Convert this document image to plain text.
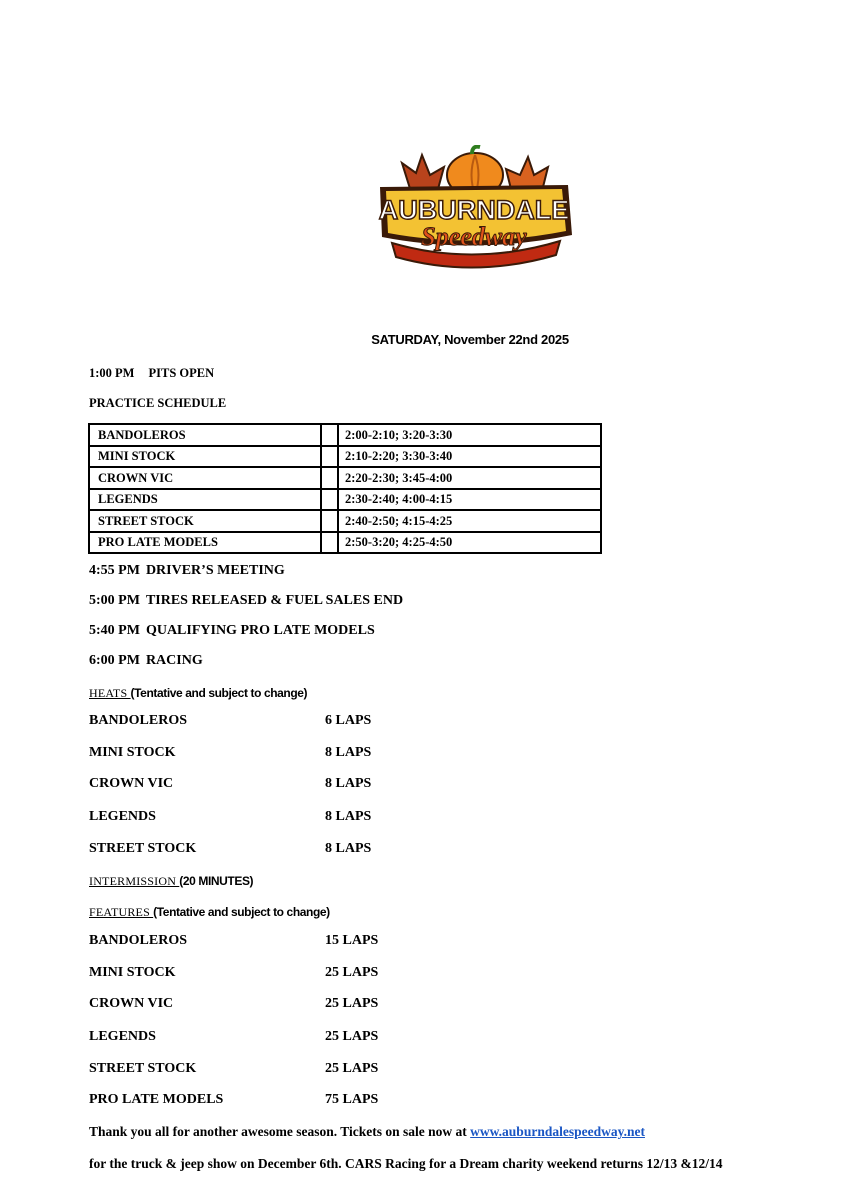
AUBURNDALE
Speedway
SATURDAY, November 22nd 2025
1:00 PM PITS OPEN
PRACTICE SCHEDULE
BANDOLEROS		2:00-2:10; 3:20-3:30
MINI STOCK		2:10-2:20; 3:30-3:40
CROWN VIC		2:20-2:30; 3:45-4:00
LEGENDS		2:30-2:40; 4:00-4:15
STREET STOCK		2:40-2:50; 4:15-4:25
PRO LATE MODELS		2:50-3:20; 4:25-4:50
4:55 PM DRIVER’S MEETING
5:00 PM TIRES RELEASED & FUEL SALES END
5:40 PM QUALIFYING PRO LATE MODELS
6:00 PM RACING
HEATS (Tentative and subject to change)
BANDOLEROS	6 LAPS
MINI STOCK	8 LAPS
CROWN VIC	8 LAPS
LEGENDS	8 LAPS
STREET STOCK	8 LAPS
INTERMISSION (20 MINUTES)
FEATURES (Tentative and subject to change)
BANDOLEROS	15 LAPS
MINI STOCK	25 LAPS
CROWN VIC	25 LAPS
LEGENDS	25 LAPS
STREET STOCK	25 LAPS
PRO LATE MODELS	75 LAPS
Thank you all for another awesome season. Tickets on sale now at www.auburndalespeedway.net
for the truck & jeep show on December 6th. CARS Racing for a Dream charity weekend returns 12/13 &12/14
